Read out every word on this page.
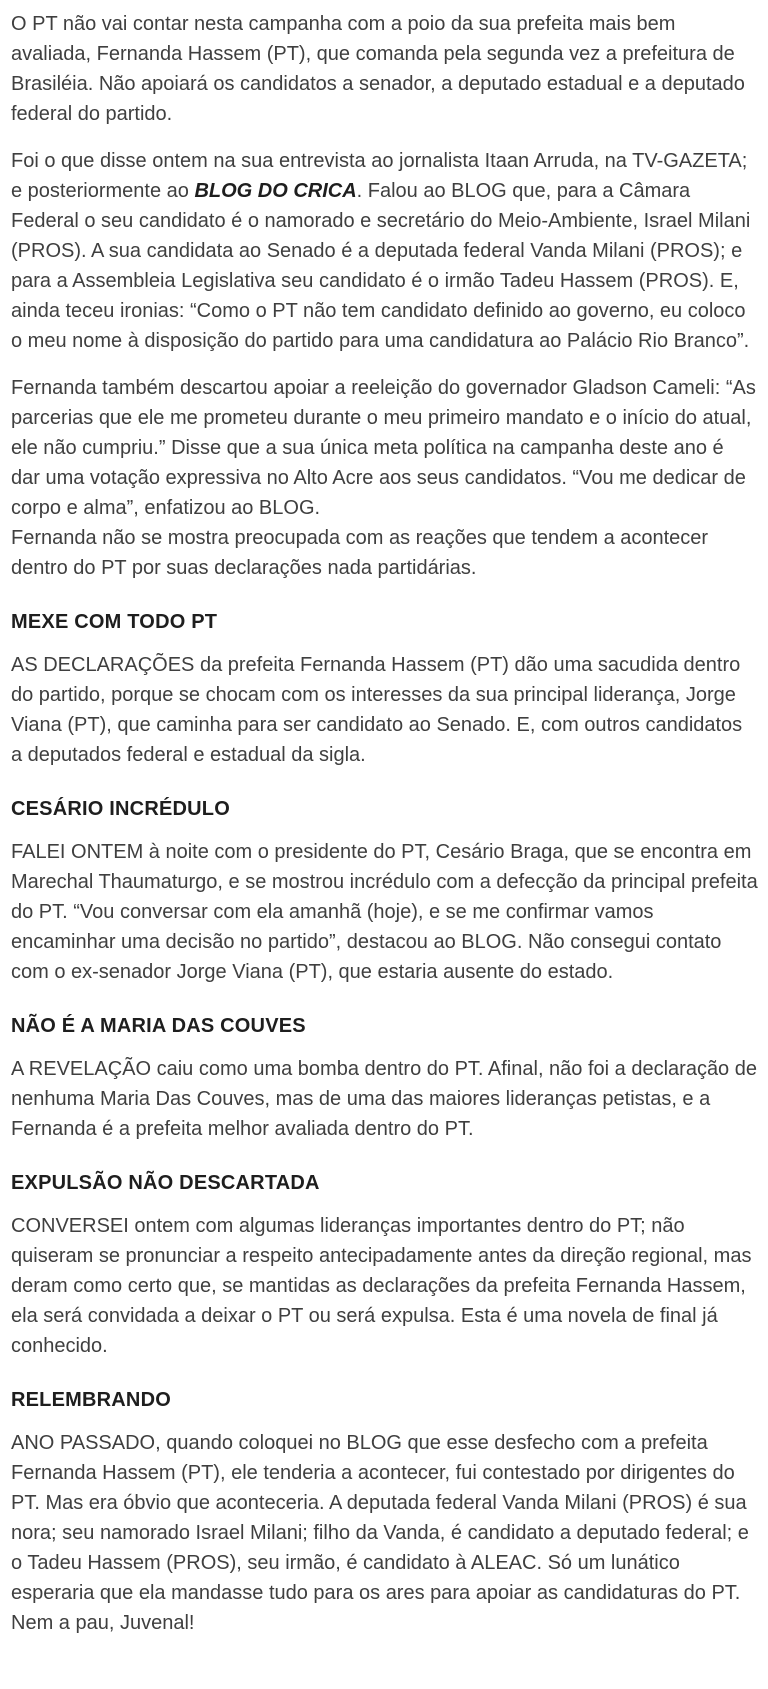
O PT não vai contar nesta campanha com a poio da sua prefeita mais bem avaliada, Fernanda Hassem (PT), que comanda pela segunda vez a prefeitura de Brasiléia. Não apoiará os candidatos a senador, a deputado estadual e a deputado federal do partido.

Foi o que disse ontem na sua entrevista ao jornalista Itaan Arruda, na TV-GAZETA; e posteriormente ao BLOG DO CRICA. Falou ao BLOG que, para a Câmara Federal o seu candidato é o namorado e secretário do Meio-Ambiente, Israel Milani (PROS). A sua candidata ao Senado é a deputada federal Vanda Milani (PROS); e para a Assembleia Legislativa seu candidato é o irmão Tadeu Hassem (PROS). E, ainda teceu ironias: “Como o PT não tem candidato definido ao governo, eu coloco o meu nome à disposição do partido para uma candidatura ao Palácio Rio Branco”.

Fernanda também descartou apoiar a reeleição do governador Gladson Cameli: “As parcerias que ele me prometeu durante o meu primeiro mandato e o início do atual, ele não cumpriu.” Disse que a sua única meta política na campanha deste ano é dar uma votação expressiva no Alto Acre aos seus candidatos. “Vou me dedicar de corpo e alma”, enfatizou ao BLOG.
Fernanda não se mostra preocupada com as reações que tendem a acontecer dentro do PT por suas declarações nada partidárias.

MEXE COM TODO PT

AS DECLARAÇÕES da prefeita Fernanda Hassem (PT) dão uma sacudida dentro do partido, porque se chocam com os interesses da sua principal liderança, Jorge Viana (PT), que caminha para ser candidato ao Senado. E, com outros candidatos a deputados federal e estadual da sigla.

CESÁRIO INCRÉDULO

FALEI ONTEM à noite com o presidente do PT, Cesário Braga, que se encontra em Marechal Thaumaturgo, e se mostrou incrédulo com a defecção da principal prefeita do PT. “Vou conversar com ela amanhã (hoje), e se me confirmar vamos encaminhar uma decisão no partido”, destacou ao BLOG. Não consegui contato com o ex-senador Jorge Viana (PT), que estaria ausente do estado.

NÃO É A MARIA DAS COUVES

A REVELAÇÃO caiu como uma bomba dentro do PT. Afinal, não foi a declaração de nenhuma Maria Das Couves, mas de uma das maiores lideranças petistas, e a Fernanda é a prefeita melhor avaliada dentro do PT.

EXPULSÃO NÃO DESCARTADA

CONVERSEI ontem com algumas lideranças importantes dentro do PT; não quiseram se pronunciar a respeito antecipadamente antes da direção regional, mas deram como certo que, se mantidas as declarações da prefeita Fernanda Hassem, ela será convidada a deixar o PT ou será expulsa. Esta é uma novela de final já conhecido.

RELEMBRANDO

ANO PASSADO, quando coloquei no BLOG que esse desfecho com a prefeita Fernanda Hassem (PT), ele tenderia a acontecer, fui contestado por dirigentes do PT. Mas era óbvio que aconteceria. A deputada federal Vanda Milani (PROS) é sua nora; seu namorado Israel Milani; filho da Vanda, é candidato a deputado federal; e o Tadeu Hassem (PROS), seu irmão, é candidato à ALEAC. Só um lunático esperaria que ela mandasse tudo para os ares para apoiar as candidaturas do PT. Nem a pau, Juvenal!
